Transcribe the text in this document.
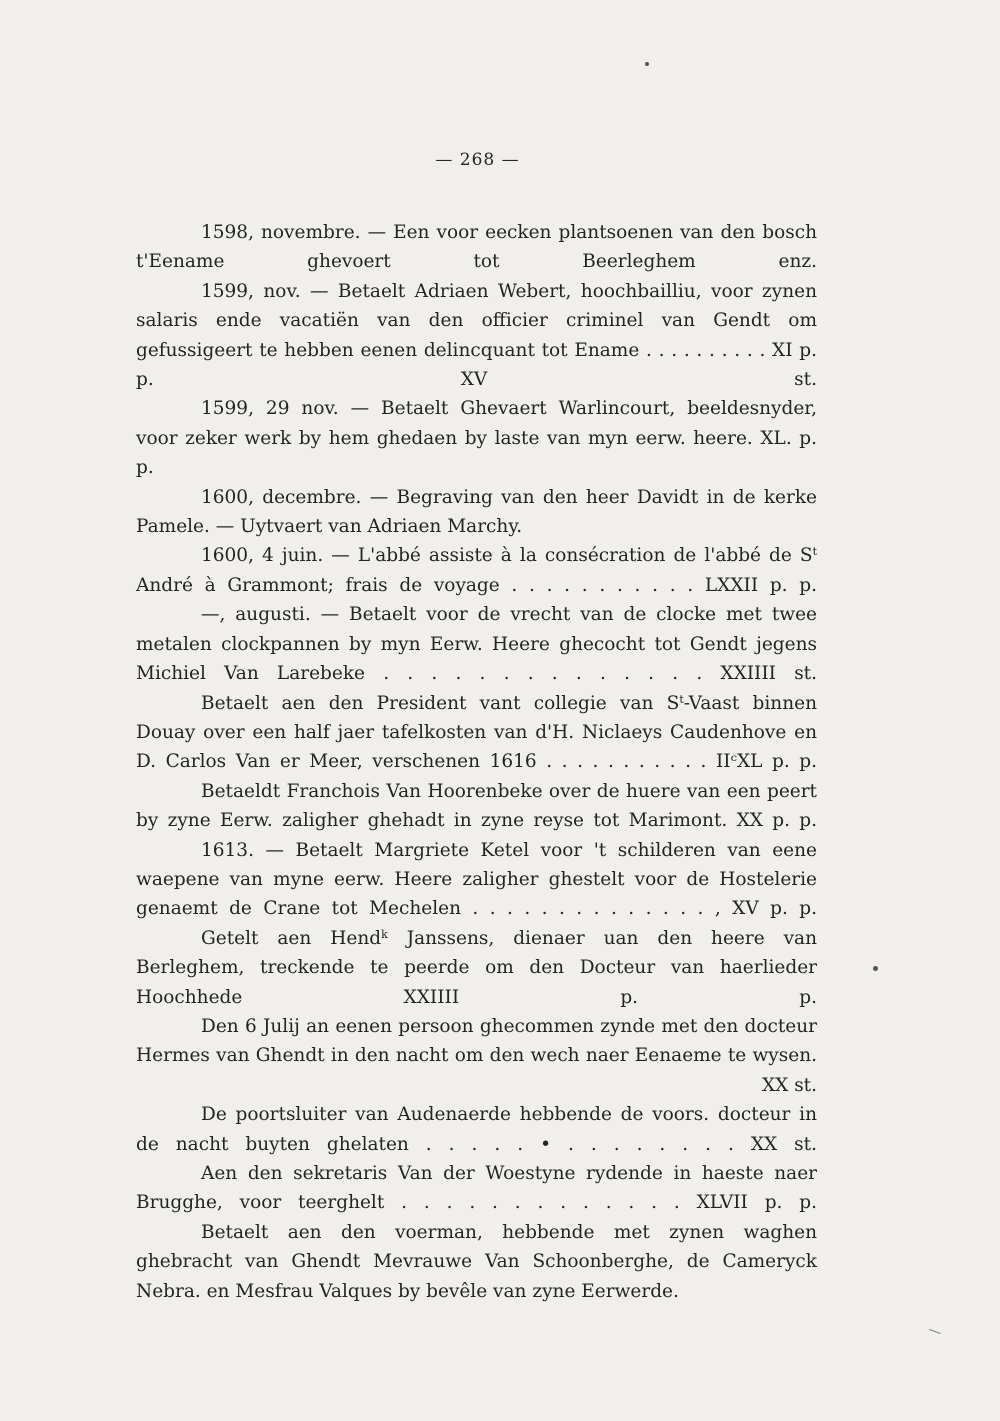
— 268 —

1598, novembre. — Een voor eecken plantsoenen van den bosch t'Eename ghevoert tot Beerleghem enz.

1599, nov. — Betaelt Adriaen Webert, hoochbailliu, voor zynen salaris ende vacatiën van den officier criminel van Gendt om gefussigeert te hebben eenen delincquant tot Ename . . . . . . . . . . XI p. p. XV st.

1599, 29 nov. — Betaelt Ghevaert Warlincourt, beeldesnyder, voor zeker werk by hem ghedaen by laste van myn eerw. heere. XL. p. p.

1600, decembre. — Begraving van den heer Davidt in de kerke Pamele. — Uytvaert van Adriaen Marchy.

1600, 4 juin. — L'abbé assiste à la consécration de l'abbé de $S^t$ André à Grammont; frais de voyage . . . . . . . . . . . LXXII p. p.

—, augusti. — Betaelt voor de vrecht van de clocke met twee metalen clockpannen by myn Eerw. Heere ghecocht tot Gendt jegens Michiel Van Larebeke . . . . . . . . . . . . . . XXIIII st.

Betaelt aen den President vant collegie van $S^t$-Vaast binnen Douay over een half jaer tafelkosten van d'H. Niclaeys Caudenhove en D. Carlos Van er Meer, verschenen 1616 . . . . . . . . . . . IIᶜXL p. p.

Betaeldt Franchois Van Hoorenbeke over de huere van een peert by zyne Eerw. zaligher ghehadt in zyne reyse tot Marimont. XX p. p.

1613. — Betaelt Margriete Ketel voor 't schilderen van eene waepene van myne eerw. Heere zaligher ghestelt voor de Hostelerie genaemt de Crane tot Mechelen . . . . . . . . . . . . . . , XV p. p.

Getelt aen Hend$^k$ Janssens, dienaer uan den heere van Berleghem, treckende te peerde om den Docteur van haerlieder Hoochhede XXIIII p. p.

Den 6 Julij an eenen persoon ghecommen zynde met den docteur Hermes van Ghendt in den nacht om den wech naer Eenaeme te wysen.

XX st.

De poortsluiter van Audenaerde hebbende de voors. docteur in de nacht buyten ghelaten . . . . . • . . . . . . . . XX st.

Aen den sekretaris Van der Woestyne rydende in haeste naer Brugghe, voor teerghelt . . . . . . . . . . . . . XLVII p. p.

Betaelt aen den voerman, hebbende met zynen waghen ghebracht van Ghendt Mevrauwe Van Schoonberghe, de Cameryck Nebra. en Mesfrau Valques by bevêle van zyne Eerwerde.
